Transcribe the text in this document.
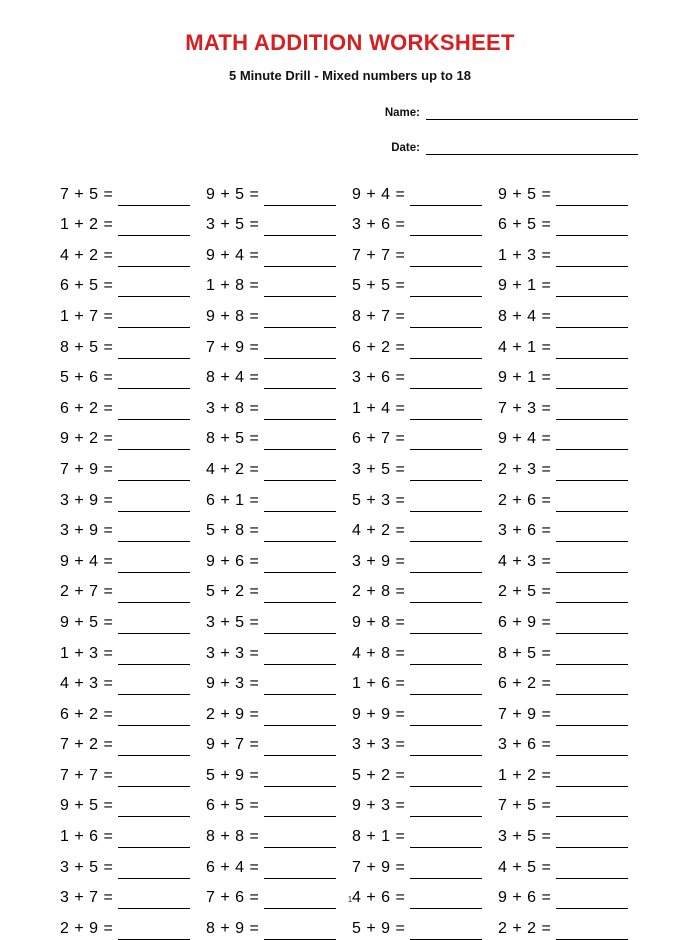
MATH ADDITION WORKSHEET
5 Minute Drill - Mixed numbers up to 18
Name:
Date:
7 + 5 =
1 + 2 =
4 + 2 =
6 + 5 =
1 + 7 =
8 + 5 =
5 + 6 =
6 + 2 =
9 + 2 =
7 + 9 =
3 + 9 =
3 + 9 =
9 + 4 =
2 + 7 =
9 + 5 =
1 + 3 =
4 + 3 =
6 + 2 =
7 + 2 =
7 + 7 =
9 + 5 =
1 + 6 =
3 + 5 =
3 + 7 =
2 + 9 =
9 + 5 =
3 + 5 =
9 + 4 =
1 + 8 =
9 + 8 =
7 + 9 =
8 + 4 =
3 + 8 =
8 + 5 =
4 + 2 =
6 + 1 =
5 + 8 =
9 + 6 =
5 + 2 =
3 + 5 =
3 + 3 =
9 + 3 =
2 + 9 =
9 + 7 =
5 + 9 =
6 + 5 =
8 + 8 =
6 + 4 =
7 + 6 =
8 + 9 =
9 + 4 =
3 + 6 =
7 + 7 =
5 + 5 =
8 + 7 =
6 + 2 =
3 + 6 =
1 + 4 =
6 + 7 =
3 + 5 =
5 + 3 =
4 + 2 =
3 + 9 =
2 + 8 =
9 + 8 =
4 + 8 =
1 + 6 =
9 + 9 =
3 + 3 =
5 + 2 =
9 + 3 =
8 + 1 =
7 + 9 =
4 + 6 =
5 + 9 =
9 + 5 =
6 + 5 =
1 + 3 =
9 + 1 =
8 + 4 =
4 + 1 =
9 + 1 =
7 + 3 =
9 + 4 =
2 + 3 =
2 + 6 =
3 + 6 =
4 + 3 =
2 + 5 =
6 + 9 =
8 + 5 =
6 + 2 =
7 + 9 =
3 + 6 =
1 + 2 =
7 + 5 =
3 + 5 =
4 + 5 =
9 + 6 =
2 + 2 =
1
